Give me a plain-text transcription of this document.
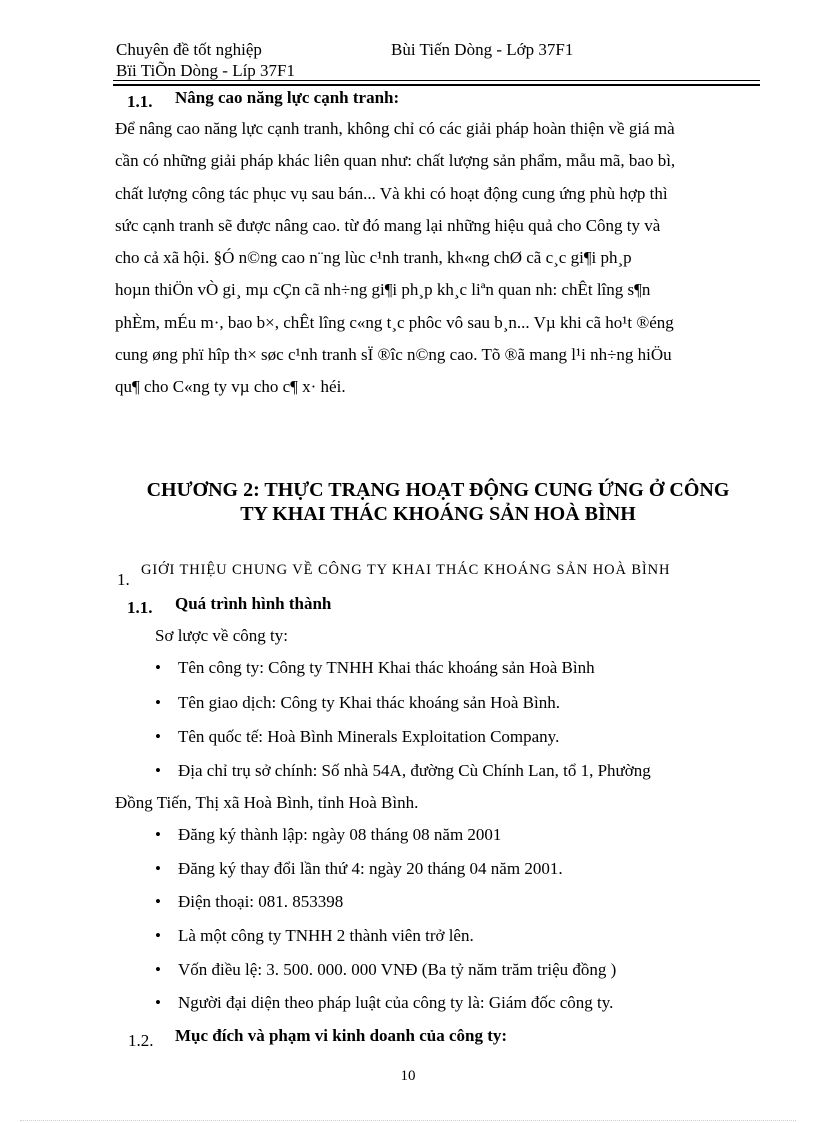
Chuyên đề tốt nghiệp	Bùi Tiến Dòng - Lớp 37F1
Bïi TiÕn Dòng - Líp 37F1
1.1. Nâng cao năng lực cạnh tranh:
Để nâng cao năng lực cạnh tranh, không chỉ có các giải pháp hoàn thiện về giá mà
cần có những giải pháp khác liên quan như: chất lượng sản phẩm, mẫu mã, bao bì,
chất lượng công tác phục vụ sau bán... Và khi có hoạt động cung ứng phù hợp thì
sức cạnh tranh sẽ được nâng cao. từ đó mang lại những hiệu quả cho Công ty và
cho cả xã hội. §Ó n©ng cao n¨ng lùc c¹nh tranh, kh«ng chØ cã c¸c gi¶i ph¸p
hoµn thiÖn vÒ gi¸ mµ cÇn cã nh÷ng gi¶i ph¸p kh¸c liªn quan nh: chÊt lîng s¶n
phÈm, mÉu m·, bao b×, chÊt lîng c«ng t¸c phôc vô sau b¸n... Vµ khi cã ho¹t ®éng
cung øng phï hîp th× søc c¹nh tranh sÏ ®îc n©ng cao. Tõ ®ã mang l¹i nh÷ng hiÖu
qu¶ cho C«ng ty vµ cho c¶ x· héi.
CHƯƠNG 2: THỰC TRẠNG HOẠT ĐỘNG CUNG ỨNG Ở CÔNG
TY KHAI THÁC KHOÁNG SẢN HOÀ BÌNH
1. GIỚI THIỆU CHUNG VỀ CÔNG TY KHAI THÁC KHOÁNG SẢN HOÀ BÌNH
1.1. Quá trình hình thành
Sơ lược về công ty:
• Tên công ty: Công ty TNHH Khai thác khoáng sản Hoà Bình
• Tên giao dịch: Công ty Khai thác khoáng sản Hoà Bình.
• Tên quốc tế: Hoà Bình Minerals Exploitation Company.
• Địa chỉ trụ sở chính: Số nhà 54A, đường Cù Chính Lan, tổ 1, Phường
Đồng Tiến, Thị xã Hoà Bình, tỉnh Hoà Bình.
• Đăng ký thành lập: ngày 08 tháng 08 năm 2001
• Đăng ký thay đổi lần thứ 4: ngày 20 tháng 04 năm 2001.
• Điện thoại: 081. 853398
• Là một công ty TNHH 2 thành viên trở lên.
• Vốn điều lệ: 3. 500. 000. 000 VNĐ (Ba tỷ năm trăm triệu đồng )
• Người đại diện theo pháp luật của công ty là: Giám đốc công ty.
1.2. Mục đích và phạm vi kinh doanh của công ty:
10
